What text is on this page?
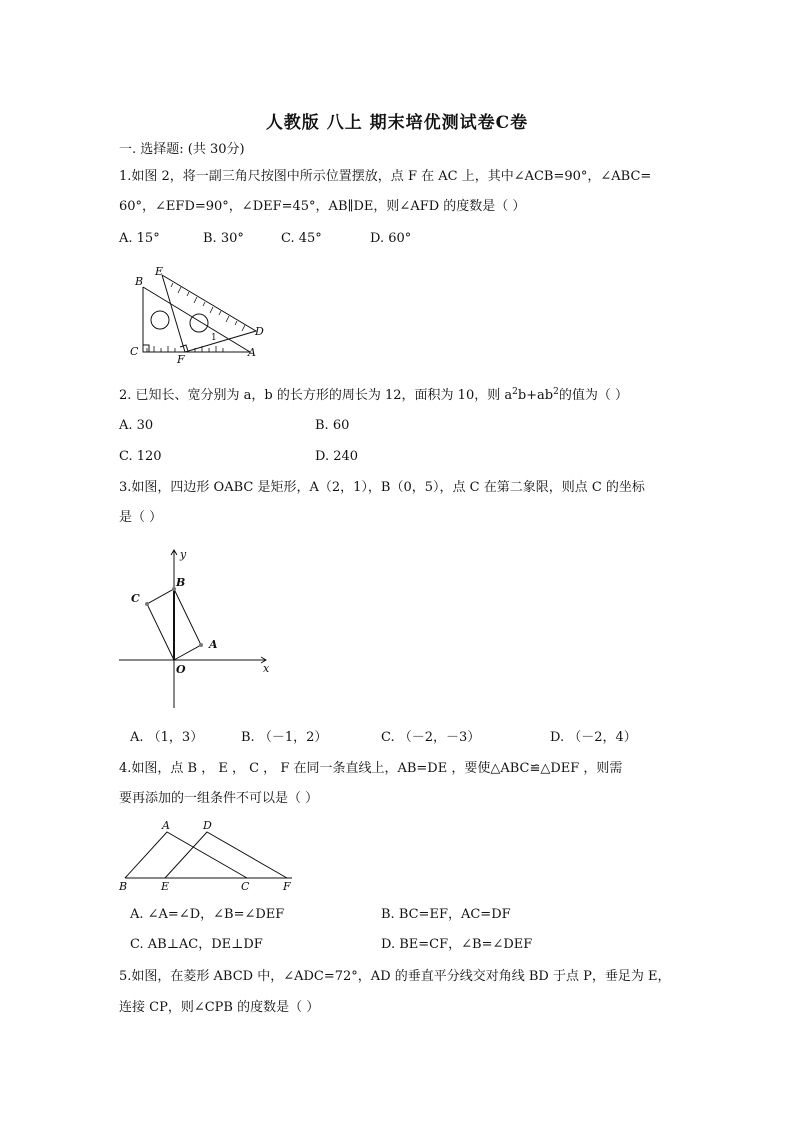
人教版 八上 期末培优测试卷C卷
一. 选择题: (共 30分)
1.如图 2，将一副三角尺按图中所示位置摆放，点 F 在 AC 上，其中∠ACB=90°，∠ABC=
60°，∠EFD=90°，∠DEF=45°，AB∥DE，则∠AFD 的度数是（ ）
A. 15°	B. 30°	C. 45°	D. 60°
B
E
C
F
A
D
1
2. 已知长、宽分别为 a，b 的长方形的周长为 12，面积为 10，则 $a^2b+ab^2$的值为（ ）
A. 30	B. 60
C. 120	D. 240
3.如图，四边形 OABC 是矩形，A（2，1），B（0，5），点 C 在第二象限，则点 C 的坐标
是（ ）
y
x
O
A
B
C
A. （1，3）	B. （－1，2）	C. （－2，－3）	D. （－2，4）
4.如图，点 B ， E ， C ， F 在同一条直线上，AB=DE ，要使△ABC≌△DEF ，则需
要再添加的一组条件不可以是（ ）
A	D
B	E	C	F
A. ∠A=∠D，∠B=∠DEF	B. BC=EF，AC=DF
C. AB⊥AC，DE⊥DF	D. BE=CF，∠B=∠DEF
5.如图，在菱形 ABCD 中，∠ADC=72°，AD 的垂直平分线交对角线 BD 于点 P，垂足为 E，
连接 CP，则∠CPB 的度数是（ ）
